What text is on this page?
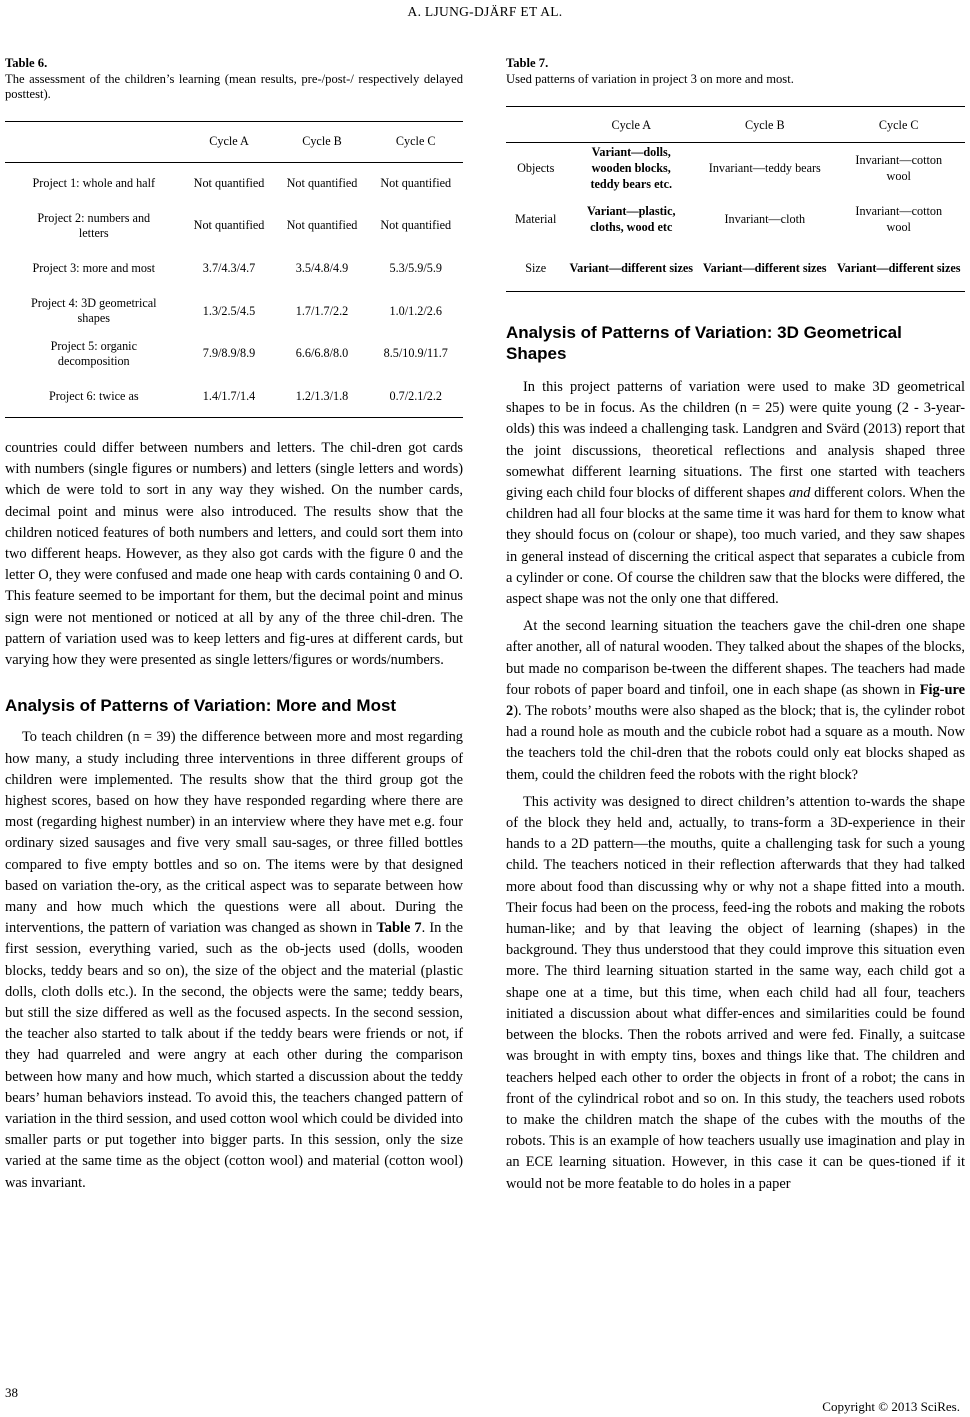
A. LJUNG-DJÄRF ET AL.
Table 6.
The assessment of the children’s learning (mean results, pre-/post-/ respectively delayed posttest).
	Cycle A	Cycle B	Cycle C
Project 1: whole and half	Not quantified	Not quantified	Not quantified
Project 2: numbers and letters	Not quantified	Not quantified	Not quantified
Project 3: more and most	3.7/4.3/4.7	3.5/4.8/4.9	5.3/5.9/5.9
Project 4: 3D geometrical shapes	1.3/2.5/4.5	1.7/1.7/2.2	1.0/1.2/2.6
Project 5: organic decomposition	7.9/8.9/8.9	6.6/6.8/8.0	8.5/10.9/11.7
Project 6: twice as	1.4/1.7/1.4	1.2/1.3/1.8	0.7/2.1/2.2

countries could differ between numbers and letters. The chil-dren got cards with numbers (single figures or numbers) and letters (single letters and words) which de were told to sort in any way they wished. On the number cards, decimal point and minus were also introduced. The results show that the children noticed features of both numbers and letters, and could sort them into two different heaps. However, as they also got cards with the figure 0 and the letter O, they were confused and made one heap with cards containing 0 and O. This feature seemed to be important for them, but the decimal point and minus sign were not mentioned or noticed at all by any of the three chil-dren. The pattern of variation used was to keep letters and fig-ures at different cards, but varying how they were presented as single letters/figures or words/numbers.

Analysis of Patterns of Variation: More and Most

To teach children (n = 39) the difference between more and most regarding how many, a study including three interventions in three different groups of children were implemented. The results show that the third group got the highest scores, based on how they have responded regarding where there are most (regarding highest number) in an interview where they have met e.g. four ordinary sized sausages and five very small sau-sages, or three filled bottles compared to five empty bottles and so on. The items were by that designed based on variation the-ory, as the critical aspect was to separate between how many and how much which the questions were all about. During the interventions, the pattern of variation was changed as shown in Table 7. In the first session, everything varied, such as the ob-jects used (dolls, wooden blocks, teddy bears and so on), the size of the object and the material (plastic dolls, cloth dolls etc.). In the second, the objects were the same; teddy bears, but still the size differed as well as the focused aspects. In the second session, the teacher also started to talk about if the teddy bears were friends or not, if they had quarreled and were angry at each other during the comparison between how many and how much, which started a discussion about the teddy bears’ human behaviors instead. To avoid this, the teachers changed pattern of variation in the third session, and used cotton wool which could be divided into smaller parts or put together into bigger parts. In this session, only the size varied at the same time as the object (cotton wool) and material (cotton wool) was invariant.

Table 7.
Used patterns of variation in project 3 on more and most.
	Cycle A	Cycle B	Cycle C
Objects	Variant—dolls, wooden blocks, teddy bears etc.	Invariant—teddy bears	Invariant—cotton wool
Material	Variant—plastic, cloths, wood etc	Invariant—cloth	Invariant—cotton wool
Size	Variant—different sizes	Variant—different sizes	Variant—different sizes
Analysis of Patterns of Variation: 3D Geometrical Shapes

In this project patterns of variation were used to make 3D geometrical shapes to be in focus. As the children (n = 25) were quite young (2 - 3-year-olds) this was indeed a challenging task. Landgren and Svärd (2013) report that the joint discussions, theoretical reflections and analysis shaped three somewhat different learning situations. The first one started with teachers giving each child four blocks of different shapes and different colors. When the children had all four blocks at the same time it was hard for them to know what they should focus on (colour or shape), too much varied, and they saw shapes in general instead of discerning the critical aspect that separates a cubicle from a cylinder or cone. Of course the children saw that the blocks were differed, the aspect shape was not the only one that differed.

At the second learning situation the teachers gave the chil-dren one shape after another, all of natural wooden. They talked about the shapes of the blocks, but made no comparison be-tween the different shapes. The teachers had made four robots of paper board and tinfoil, one in each shape (as shown in Fig-ure 2). The robots’ mouths were also shaped as the block; that is, the cylinder robot had a round hole as mouth and the cubicle robot had a square as a mouth. Now the teachers told the chil-dren that the robots could only eat blocks shaped as them, could the children feed the robots with the right block?

This activity was designed to direct children’s attention to-wards the shape of the block they held and, actually, to trans-form a 3D-experience in their hands to a 2D pattern—the mouths, quite a challenging task for such a young child. The teachers noticed in their reflection afterwards that they had talked more about food than discussing why or why not a shape fitted into a mouth. Their focus had been on the process, feed-ing the robots and making the robots human-like; and by that leaving the object of learning (shapes) in the background. They thus understood that they could improve this situation even more. The third learning situation started in the same way, each child got a shape one at a time, but this time, when each child had all four, teachers initiated a discussion about what differ-ences and similarities could be found between the blocks. Then the robots arrived and were fed. Finally, a suitcase was brought in with empty tins, boxes and things like that. The children and teachers helped each other to order the objects in front of a robot; the cans in front of the cylindrical robot and so on. In this study, the teachers used robots to make the children match the shape of the cubes with the mouths of the robots. This is an example of how teachers usually use imagination and play in an ECE learning situation. However, in this case it can be ques-tioned if it would not be more featable to do holes in a paper

38
Copyright © 2013 SciRes.
